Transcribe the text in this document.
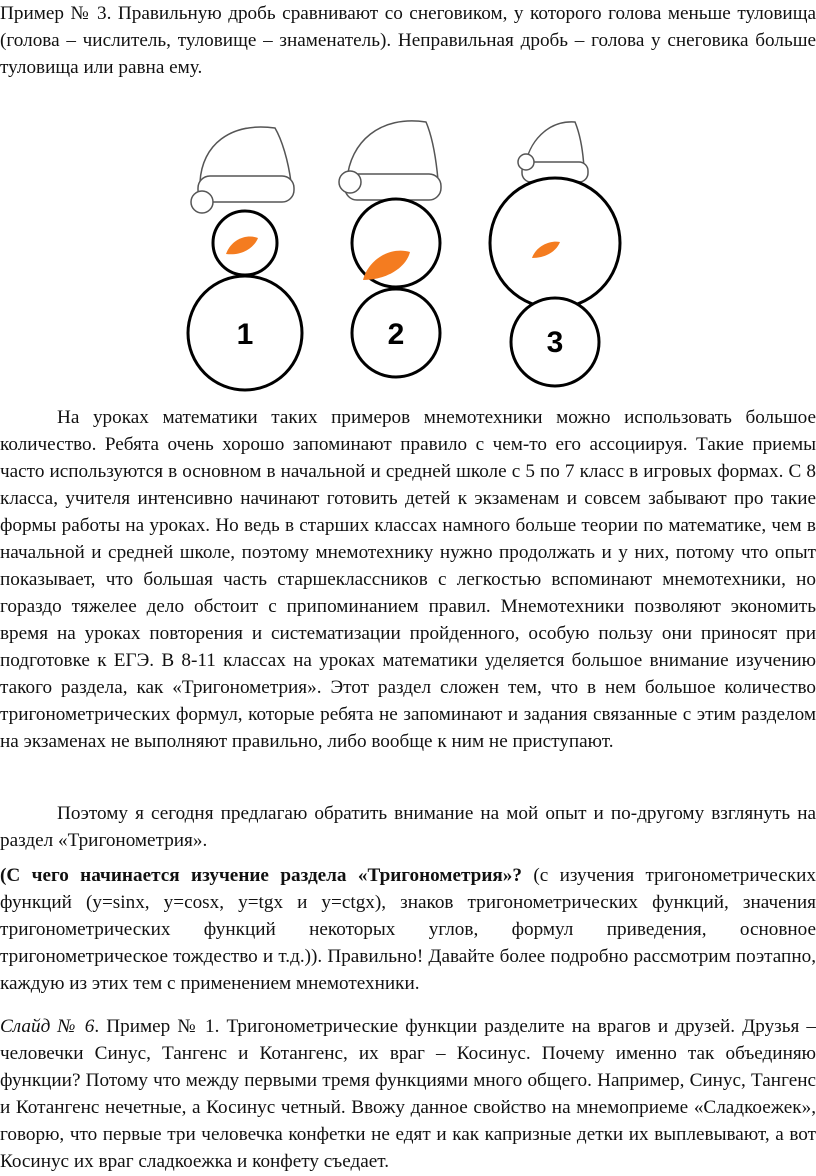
Пример № 3. Правильную дробь сравнивают со снеговиком, у которого голова меньше туловища (голова – числитель, туловище – знаменатель). Неправильная дробь – голова у снеговика больше туловища или равна ему.

1	2	3

На уроках математики таких примеров мнемотехники можно использовать большое количество. Ребята очень хорошо запоминают правило с чем-то его ассоциируя. Такие приемы часто используются в основном в начальной и средней школе с 5 по 7 класс в игровых формах. С 8 класса, учителя интенсивно начинают готовить детей к экзаменам и совсем забывают про такие формы работы на уроках. Но ведь в старших классах намного больше теории по математике, чем в начальной и средней школе, поэтому мнемотехнику нужно продолжать и у них, потому что опыт показывает, что большая часть старшеклассников с легкостью вспоминают мнемотехники, но гораздо тяжелее дело обстоит с припоминанием правил. Мнемотехники позволяют экономить время на уроках повторения и систематизации пройденного, особую пользу они приносят при подготовке к ЕГЭ. В 8-11 классах на уроках математики уделяется большое внимание изучению такого раздела, как «Тригонометрия». Этот раздел сложен тем, что в нем большое количество тригонометрических формул, которые ребята не запоминают и задания связанные с этим разделом на экзаменах не выполняют правильно, либо вообще к ним не приступают.

Поэтому я сегодня предлагаю обратить внимание на мой опыт и по-другому взглянуть на раздел «Тригонометрия».

(С чего начинается изучение раздела «Тригонометрия»? (с изучения тригонометрических функций (y=sinx, y=cosx, y=tgx и y=ctgx), знаков тригонометрических функций, значения тригонометрических функций некоторых углов, формул приведения, основное тригонометрическое тождество и т.д.)). Правильно! Давайте более подробно рассмотрим поэтапно, каждую из этих тем с применением мнемотехники.

Слайд № 6. Пример № 1. Тригонометрические функции разделите на врагов и друзей. Друзья – человечки Синус, Тангенс и Котангенс, их враг – Косинус. Почему именно так объединяю функции? Потому что между первыми тремя функциями много общего. Например, Синус, Тангенс и Котангенс нечетные, а Косинус четный. Ввожу данное свойство на мнемоприеме «Сладкоежек», говорю, что первые три человечка конфетки не едят и как капризные детки их выплевывают, а вот Косинус их враг сладкоежка и конфету съедает.
